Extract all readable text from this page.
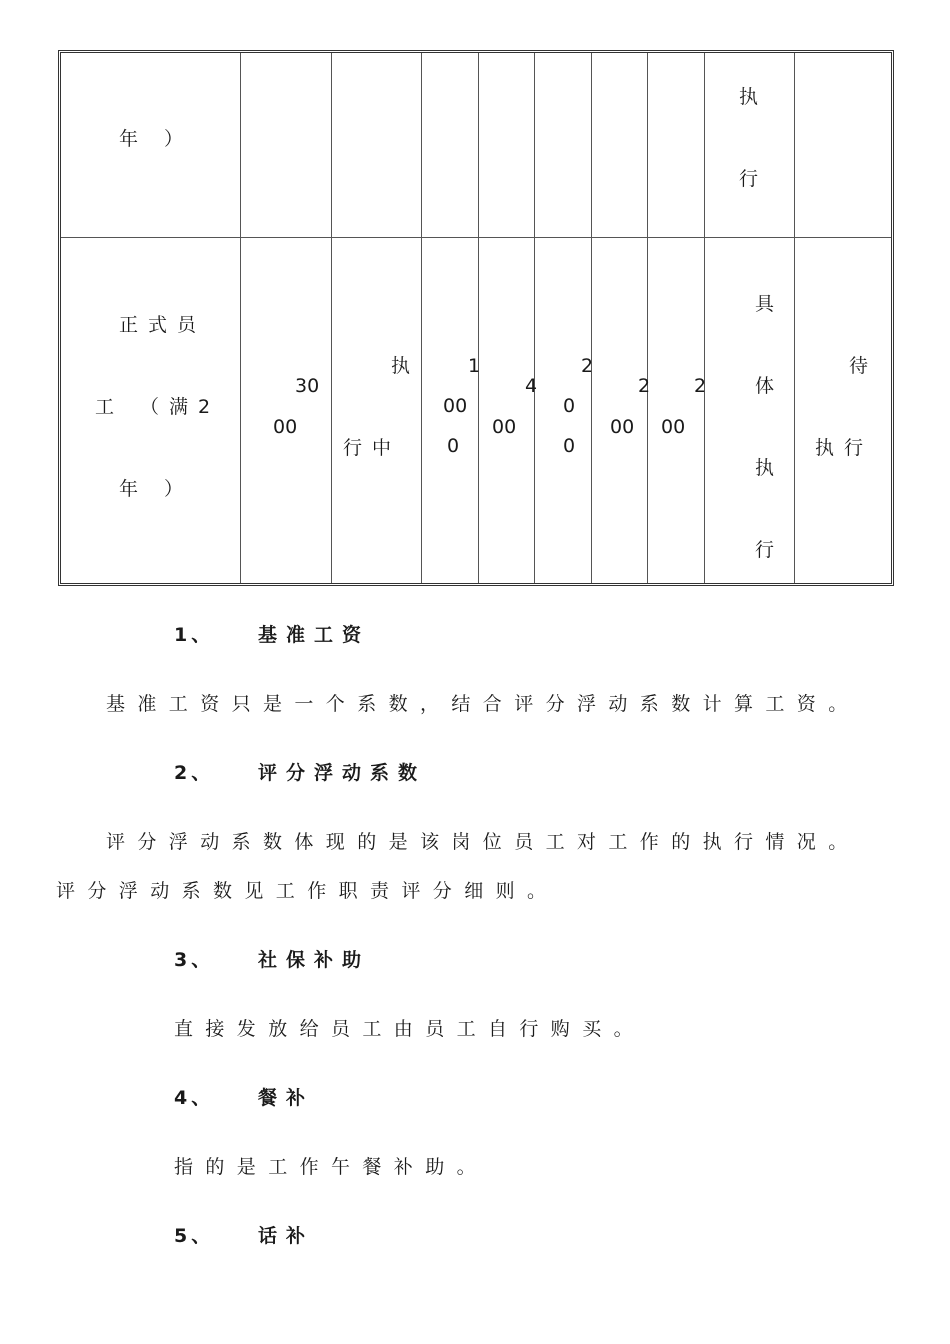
年 ）
执

行
正式员
工 （满2
年 ）
30
00
执
行中
1
00
0
4
00
2
0
0
2
00
2
00
具
体
执
行
待
执行
1、 基准工资
基准工资只是一个系数，结合评分浮动系数计算工资。
2、 评分浮动系数
评分浮动系数体现的是该岗位员工对工作的执行情况。
评分浮动系数见工作职责评分细则。
3、 社保补助
直接发放给员工由员工自行购买。
4、 餐补
指的是工作午餐补助。
5、 话补
